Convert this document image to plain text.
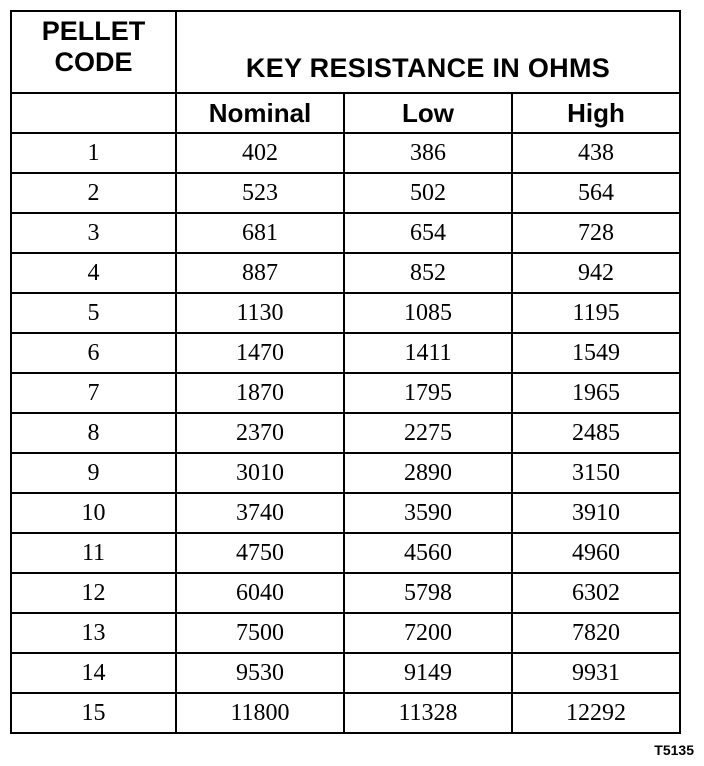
PELLET
CODE	KEY RESISTANCE IN OHMS		
	Nominal	Low	High
1	402	386	438
2	523	502	564
3	681	654	728
4	887	852	942
5	1130	1085	1195
6	1470	1411	1549
7	1870	1795	1965
8	2370	2275	2485
9	3010	2890	3150
10	3740	3590	3910
11	4750	4560	4960
12	6040	5798	6302
13	7500	7200	7820
14	9530	9149	9931
15	11800	11328	12292
T5135
